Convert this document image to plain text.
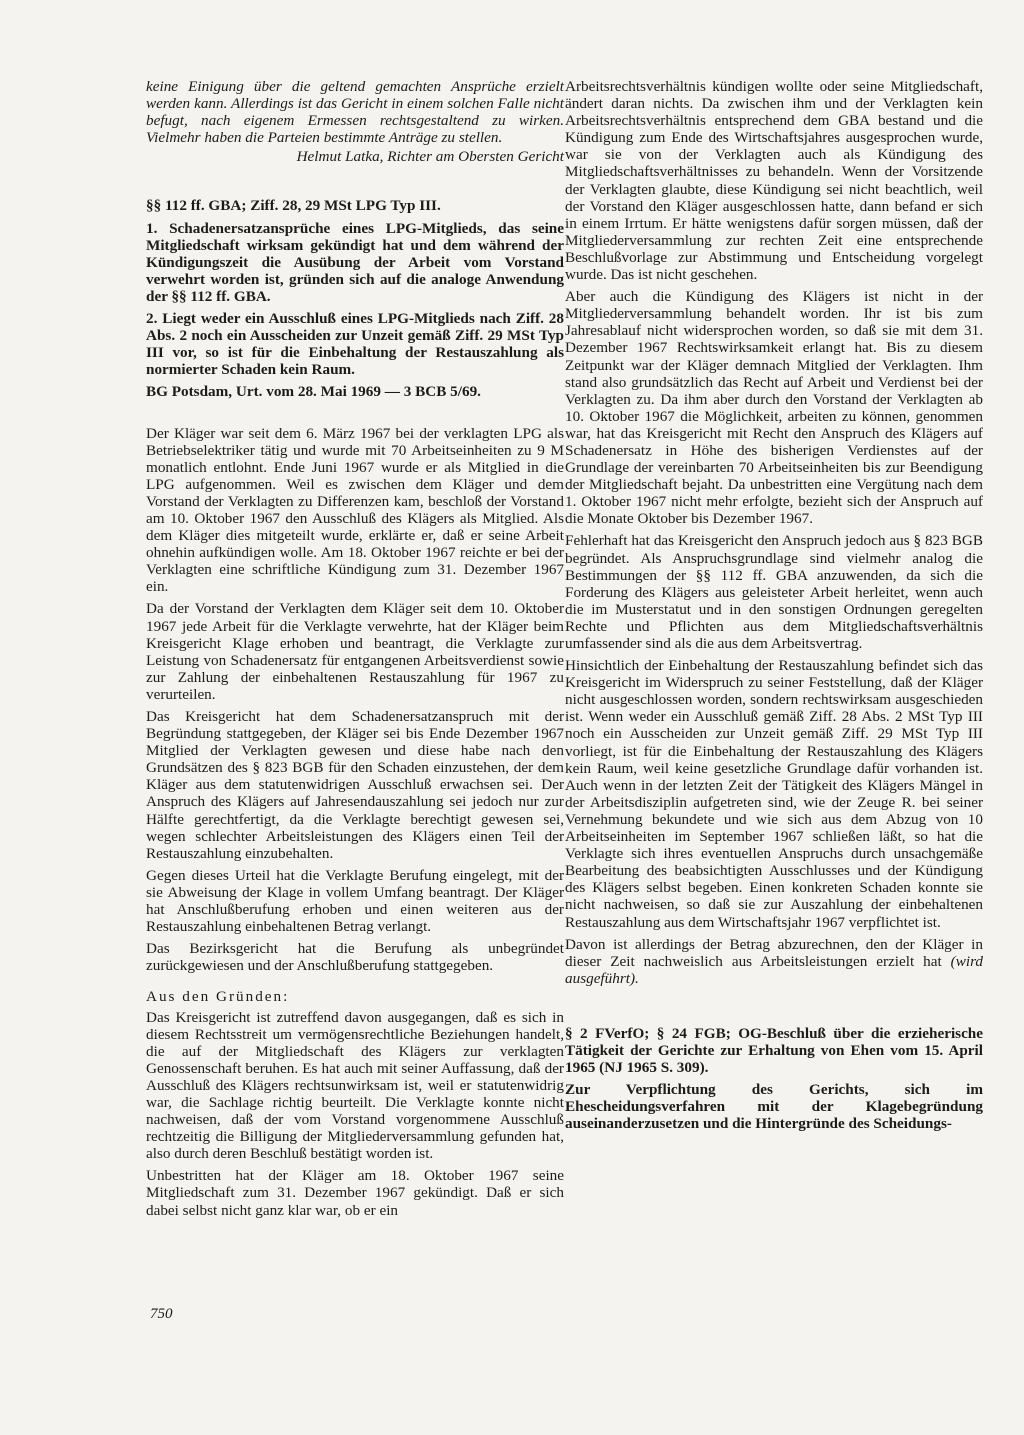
keine Einigung über die geltend gemachten Ansprüche erzielt werden kann. Allerdings ist das Gericht in einem solchen Falle nicht befugt, nach eigenem Ermessen rechtsgestaltend zu wirken. Vielmehr haben die Parteien bestimmte Anträge zu stellen.

Helmut Latka, Richter am Obersten Gericht

§§ 112 ff. GBA; Ziff. 28, 29 MSt LPG Typ III.

1. Schadenersatzansprüche eines LPG-Mitglieds, das seine Mitgliedschaft wirksam gekündigt hat und dem während der Kündigungszeit die Ausübung der Arbeit vom Vorstand verwehrt worden ist, gründen sich auf die analoge Anwendung der §§ 112 ff. GBA.

2. Liegt weder ein Ausschluß eines LPG-Mitglieds nach Ziff. 28 Abs. 2 noch ein Ausscheiden zur Unzeit gemäß Ziff. 29 MSt Typ III vor, so ist für die Einbehaltung der Restauszahlung als normierter Schaden kein Raum.

BG Potsdam, Urt. vom 28. Mai 1969 — 3 BCB 5/69.

Der Kläger war seit dem 6. März 1967 bei der verklagten LPG als Betriebselektriker tätig und wurde mit 70 Arbeitseinheiten zu 9 M monatlich entlohnt. Ende Juni 1967 wurde er als Mitglied in die LPG aufgenommen. Weil es zwischen dem Kläger und dem Vorstand der Verklagten zu Differenzen kam, beschloß der Vorstand am 10. Oktober 1967 den Ausschluß des Klägers als Mitglied. Als dem Kläger dies mitgeteilt wurde, erklärte er, daß er seine Arbeit ohnehin aufkündigen wolle. Am 18. Oktober 1967 reichte er bei der Verklagten eine schriftliche Kündigung zum 31. Dezember 1967 ein.

Da der Vorstand der Verklagten dem Kläger seit dem 10. Oktober 1967 jede Arbeit für die Verklagte verwehrte, hat der Kläger beim Kreisgericht Klage erhoben und beantragt, die Verklagte zur Leistung von Schadenersatz für entgangenen Arbeitsverdienst sowie zur Zahlung der einbehaltenen Restauszahlung für 1967 zu verurteilen.

Das Kreisgericht hat dem Schadenersatzanspruch mit der Begründung stattgegeben, der Kläger sei bis Ende Dezember 1967 Mitglied der Verklagten gewesen und diese habe nach den Grundsätzen des § 823 BGB für den Schaden einzustehen, der dem Kläger aus dem statutenwidrigen Ausschluß erwachsen sei. Der Anspruch des Klägers auf Jahresendauszahlung sei jedoch nur zur Hälfte gerechtfertigt, da die Verklagte berechtigt gewesen sei, wegen schlechter Arbeitsleistungen des Klägers einen Teil der Restauszahlung einzubehalten.

Gegen dieses Urteil hat die Verklagte Berufung eingelegt, mit der sie Abweisung der Klage in vollem Umfang beantragt. Der Kläger hat Anschlußberufung erhoben und einen weiteren aus der Restauszahlung einbehaltenen Betrag verlangt.

Das Bezirksgericht hat die Berufung als unbegründet zurückgewiesen und der Anschlußberufung stattgegeben.

Aus den Gründen:

Das Kreisgericht ist zutreffend davon ausgegangen, daß es sich in diesem Rechtsstreit um vermögensrechtliche Beziehungen handelt, die auf der Mitgliedschaft des Klägers zur verklagten Genossenschaft beruhen. Es hat auch mit seiner Auffassung, daß der Ausschluß des Klägers rechtsunwirksam ist, weil er statutenwidrig war, die Sachlage richtig beurteilt. Die Verklagte konnte nicht nachweisen, daß der vom Vorstand vorgenommene Ausschluß rechtzeitig die Billigung der Mitgliederversammlung gefunden hat, also durch deren Beschluß bestätigt worden ist.

Unbestritten hat der Kläger am 18. Oktober 1967 seine Mitgliedschaft zum 31. Dezember 1967 gekündigt. Daß er sich dabei selbst nicht ganz klar war, ob er ein

Arbeitsrechtsverhältnis kündigen wollte oder seine Mitgliedschaft, ändert daran nichts. Da zwischen ihm und der Verklagten kein Arbeitsrechtsverhältnis entsprechend dem GBA bestand und die Kündigung zum Ende des Wirtschaftsjahres ausgesprochen wurde, war sie von der Verklagten auch als Kündigung des Mitgliedschaftsverhältnisses zu behandeln. Wenn der Vorsitzende der Verklagten glaubte, diese Kündigung sei nicht beachtlich, weil der Vorstand den Kläger ausgeschlossen hatte, dann befand er sich in einem Irrtum. Er hätte wenigstens dafür sorgen müssen, daß der Mitgliederversammlung zur rechten Zeit eine entsprechende Beschlußvorlage zur Abstimmung und Entscheidung vorgelegt wurde. Das ist nicht geschehen.

Aber auch die Kündigung des Klägers ist nicht in der Mitgliederversammlung behandelt worden. Ihr ist bis zum Jahresablauf nicht widersprochen worden, so daß sie mit dem 31. Dezember 1967 Rechtswirksamkeit erlangt hat. Bis zu diesem Zeitpunkt war der Kläger demnach Mitglied der Verklagten. Ihm stand also grundsätzlich das Recht auf Arbeit und Verdienst bei der Verklagten zu. Da ihm aber durch den Vorstand der Verklagten ab 10. Oktober 1967 die Möglichkeit, arbeiten zu können, genommen war, hat das Kreisgericht mit Recht den Anspruch des Klägers auf Schadenersatz in Höhe des bisherigen Verdienstes auf der Grundlage der vereinbarten 70 Arbeitseinheiten bis zur Beendigung der Mitgliedschaft bejaht. Da unbestritten eine Vergütung nach dem 1. Oktober 1967 nicht mehr erfolgte, bezieht sich der Anspruch auf die Monate Oktober bis Dezember 1967.

Fehlerhaft hat das Kreisgericht den Anspruch jedoch aus § 823 BGB begründet. Als Anspruchsgrundlage sind vielmehr analog die Bestimmungen der §§ 112 ff. GBA anzuwenden, da sich die Forderung des Klägers aus geleisteter Arbeit herleitet, wenn auch die im Musterstatut und in den sonstigen Ordnungen geregelten Rechte und Pflichten aus dem Mitgliedschaftsverhältnis umfassender sind als die aus dem Arbeitsvertrag.

Hinsichtlich der Einbehaltung der Restauszahlung befindet sich das Kreisgericht im Widerspruch zu seiner Feststellung, daß der Kläger nicht ausgeschlossen worden, sondern rechtswirksam ausgeschieden ist. Wenn weder ein Ausschluß gemäß Ziff. 28 Abs. 2 MSt Typ III noch ein Ausscheiden zur Unzeit gemäß Ziff. 29 MSt Typ III vorliegt, ist für die Einbehaltung der Restauszahlung des Klägers kein Raum, weil keine gesetzliche Grundlage dafür vorhanden ist. Auch wenn in der letzten Zeit der Tätigkeit des Klägers Mängel in der Arbeitsdisziplin aufgetreten sind, wie der Zeuge R. bei seiner Vernehmung bekundete und wie sich aus dem Abzug von 10 Arbeitseinheiten im September 1967 schließen läßt, so hat die Verklagte sich ihres eventuellen Anspruchs durch unsachgemäße Bearbeitung des beabsichtigten Ausschlusses und der Kündigung des Klägers selbst begeben. Einen konkreten Schaden konnte sie nicht nachweisen, so daß sie zur Auszahlung der einbehaltenen Restauszahlung aus dem Wirtschaftsjahr 1967 verpflichtet ist.

Davon ist allerdings der Betrag abzurechnen, den der Kläger in dieser Zeit nachweislich aus Arbeitsleistungen erzielt hat (wird ausgeführt).

§ 2 FVerfO; § 24 FGB; OG-Beschluß über die erzieherische Tätigkeit der Gerichte zur Erhaltung von Ehen vom 15. April 1965 (NJ 1965 S. 309).

Zur Verpflichtung des Gerichts, sich im Ehescheidungsverfahren mit der Klagebegründung auseinanderzusetzen und die Hintergründe des Scheidungs-

750
